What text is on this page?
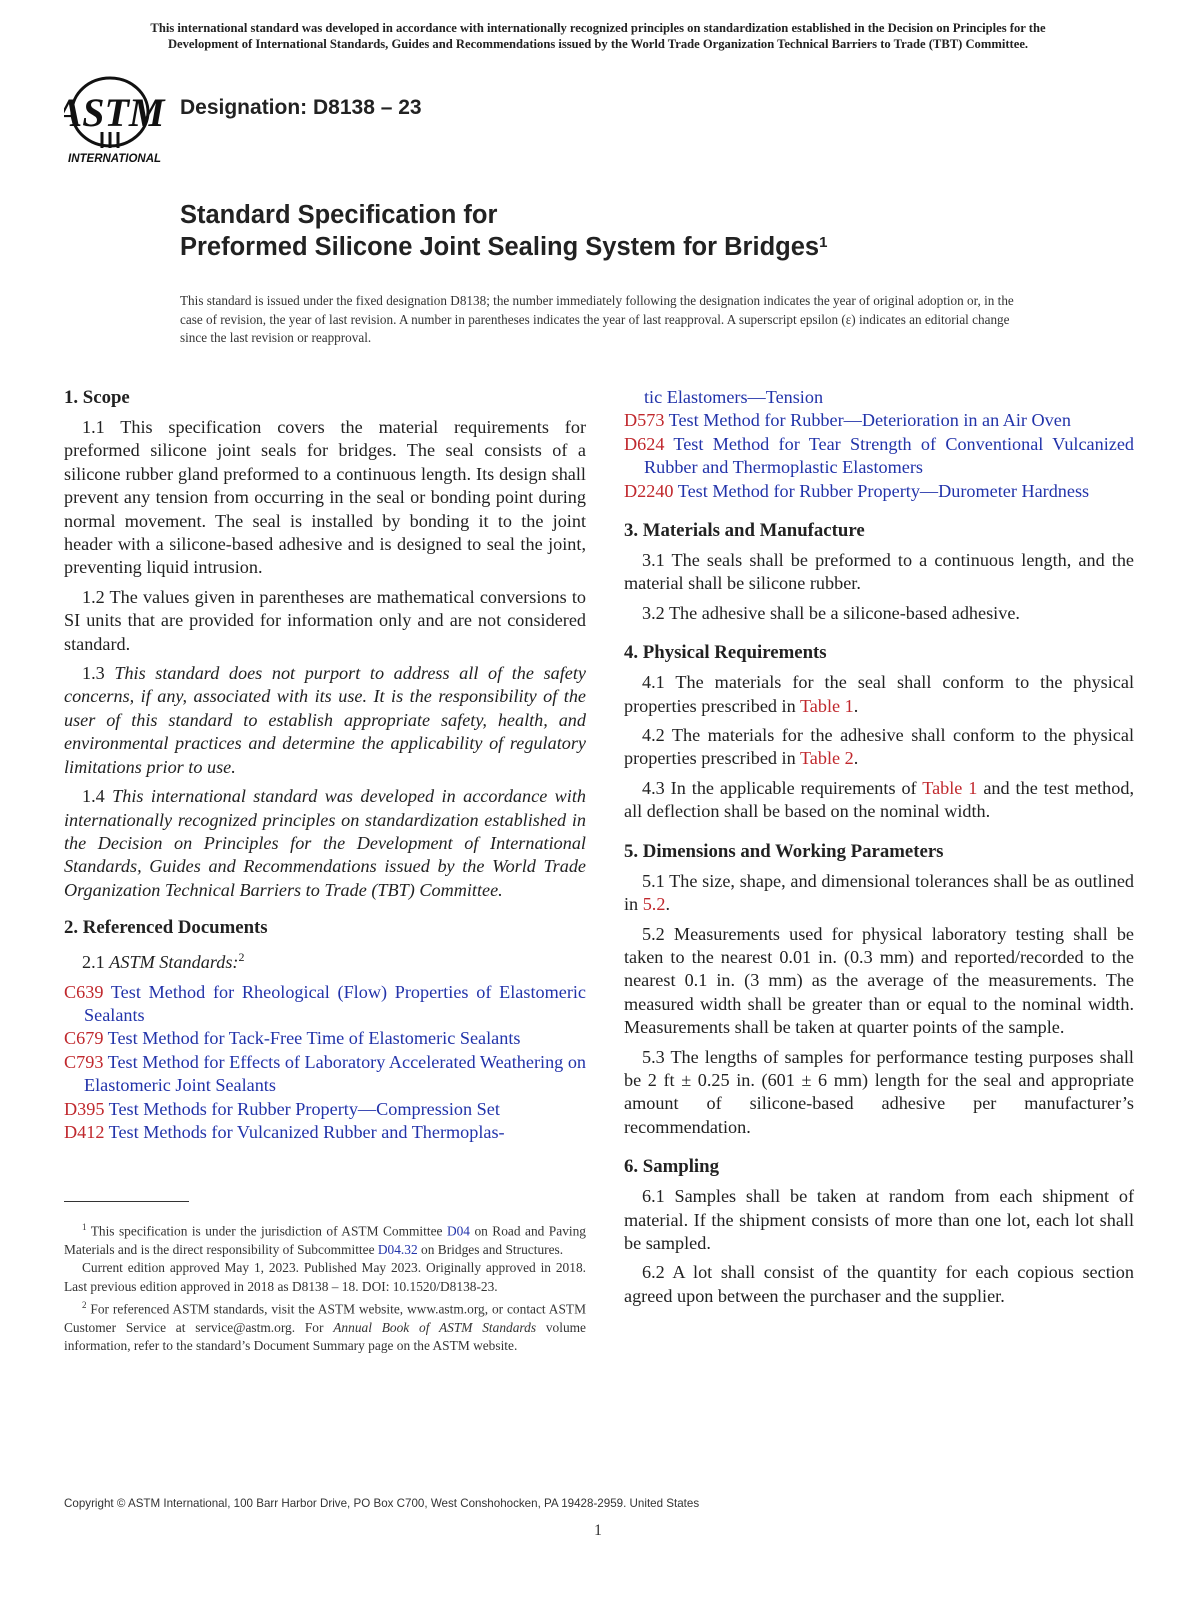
This international standard was developed in accordance with internationally recognized principles on standardization established in the Decision on Principles for the
Development of International Standards, Guides and Recommendations issued by the World Trade Organization Technical Barriers to Trade (TBT) Committee.
ASTM
INTERNATIONAL
Designation: D8138 – 23
Standard Specification for
Preformed Silicone Joint Sealing System for Bridges$^1$
This standard is issued under the fixed designation D8138; the number immediately following the designation indicates the year of original adoption or, in the case of revision, the year of last revision. A number in parentheses indicates the year of last reapproval. A superscript epsilon (ε) indicates an editorial change since the last revision or reapproval.
1. Scope

1.1 This specification covers the material requirements for preformed silicone joint seals for bridges. The seal consists of a silicone rubber gland preformed to a continuous length. Its design shall prevent any tension from occurring in the seal or bonding point during normal movement. The seal is installed by bonding it to the joint header with a silicone-based adhesive and is designed to seal the joint, preventing liquid intrusion.

1.2 The values given in parentheses are mathematical conversions to SI units that are provided for information only and are not considered standard.

1.3 This standard does not purport to address all of the safety concerns, if any, associated with its use. It is the responsibility of the user of this standard to establish appropriate safety, health, and environmental practices and determine the applicability of regulatory limitations prior to use.

1.4 This international standard was developed in accordance with internationally recognized principles on standardization established in the Decision on Principles for the Development of International Standards, Guides and Recommendations issued by the World Trade Organization Technical Barriers to Trade (TBT) Committee.

2. Referenced Documents

2.1 ASTM Standards:$^2$

C639 Test Method for Rheological (Flow) Properties of Elastomeric Sealants
C679 Test Method for Tack-Free Time of Elastomeric Sealants
C793 Test Method for Effects of Laboratory Accelerated Weathering on Elastomeric Joint Sealants
D395 Test Methods for Rubber Property—Compression Set
D412 Test Methods for Vulcanized Rubber and Thermoplas-
tic Elastomers—Tension
D573 Test Method for Rubber—Deterioration in an Air Oven
D624 Test Method for Tear Strength of Conventional Vulcanized Rubber and Thermoplastic Elastomers
D2240 Test Method for Rubber Property—Durometer Hardness
3. Materials and Manufacture

3.1 The seals shall be preformed to a continuous length, and the material shall be silicone rubber.

3.2 The adhesive shall be a silicone-based adhesive.

4. Physical Requirements

4.1 The materials for the seal shall conform to the physical properties prescribed in Table 1.

4.2 The materials for the adhesive shall conform to the physical properties prescribed in Table 2.

4.3 In the applicable requirements of Table 1 and the test method, all deflection shall be based on the nominal width.

5. Dimensions and Working Parameters

5.1 The size, shape, and dimensional tolerances shall be as outlined in 5.2.

5.2 Measurements used for physical laboratory testing shall be taken to the nearest 0.01 in. (0.3 mm) and reported/recorded to the nearest 0.1 in. (3 mm) as the average of the measurements. The measured width shall be greater than or equal to the nominal width. Measurements shall be taken at quarter points of the sample.

5.3 The lengths of samples for performance testing purposes shall be 2 ft ± 0.25 in. (601 ± 6 mm) length for the seal and appropriate amount of silicone-based adhesive per manufacturer’s recommendation.

6. Sampling

6.1 Samples shall be taken at random from each shipment of material. If the shipment consists of more than one lot, each lot shall be sampled.

6.2 A lot shall consist of the quantity for each copious section agreed upon between the purchaser and the supplier.

$^1$ This specification is under the jurisdiction of ASTM Committee D04 on Road and Paving Materials and is the direct responsibility of Subcommittee D04.32 on Bridges and Structures.

Current edition approved May 1, 2023. Published May 2023. Originally approved in 2018. Last previous edition approved in 2018 as D8138 – 18. DOI: 10.1520/D8138-23.

$^2$ For referenced ASTM standards, visit the ASTM website, www.astm.org, or contact ASTM Customer Service at service@astm.org. For Annual Book of ASTM Standards volume information, refer to the standard’s Document Summary page on the ASTM website.

Copyright © ASTM International, 100 Barr Harbor Drive, PO Box C700, West Conshohocken, PA 19428-2959. United States
1
